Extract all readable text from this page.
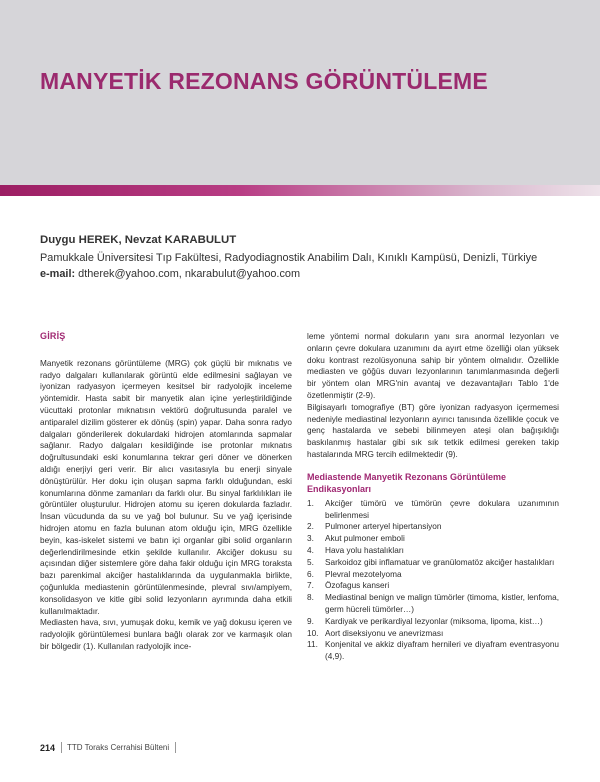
MANYETİK REZONANS GÖRÜNTÜLEME
Duygu HEREK, Nevzat KARABULUT
Pamukkale Üniversitesi Tıp Fakültesi, Radyodiagnostik Anabilim Dalı, Kınıklı Kampüsü, Denizli, Türkiye
e-mail: dtherek@yahoo.com, nkarabulut@yahoo.com
GİRİŞ

Manyetik rezonans görüntüleme (MRG) çok güçlü bir mıknatıs ve radyo dalgaları kullanılarak görüntü elde edilmesini sağlayan ve iyonizan radyasyon içermeyen kesitsel bir radyolojik inceleme yöntemidir. Hasta sabit bir manyetik alan içine yerleştirildiğinde vücuttaki protonlar mıknatısın vektörü doğrultusunda paralel ve antiparalel dizilim gösterer ek dönüş (spin) yapar. Daha sonra radyo dalgaları gönderilerek dokulardaki hidrojen atomlarında sapmalar sağlanır. Radyo dalgaları kesildiğinde ise protonlar mıknatıs doğrultusundaki eski konumlarına tekrar geri döner ve dönerken aldığı enerjiyi geri verir. Bir alıcı vasıtasıyla bu enerji sinyale dönüştürülür. Her doku için oluşan sapma farklı olduğundan, eski konumlarına dönme zamanları da farklı olur. Bu sinyal farklılıkları ile görüntüler oluşturulur. Hidrojen atomu su içeren dokularda fazladır. İnsan vücudunda da su ve yağ bol bulunur. Su ve yağ içerisinde hidrojen atomu en fazla bulunan atom olduğu için, MRG özellikle beyin, kas-iskelet sistemi ve batın içi organlar gibi solid organların değerlendirilmesinde etkin şekilde kullanılır. Akciğer dokusu su açısından diğer sistemlere göre daha fakir olduğu için MRG toraksta bazı parenkimal akciğer hastalıklarında da uygulanmakla birlikte, çoğunlukla mediastenin görüntülenmesinde, plevral sıvı/ampiyem, konsolidasyon ve kitle gibi solid lezyonların ayrımında daha etkili kullanılmaktadır.

Mediasten hava, sıvı, yumuşak doku, kemik ve yağ dokusu içeren ve radyolojik görüntülemesi bunlara bağlı olarak zor ve karmaşık olan bir bölgedir (1). Kullanılan radyolojik ince-

leme yöntemi normal dokuların yanı sıra anormal lezyonları ve onların çevre dokulara uzanımını da ayırt etme özelliği olan yüksek doku kontrast rezolüsyonuna sahip bir yöntem olmalıdır. Özellikle mediasten ve göğüs duvarı lezyonlarının tanımlanmasında değerli bir yöntem olan MRG'nin avantaj ve dezavantajları Tablo 1'de özetlenmiştir (2-9).

Bilgisayarlı tomografiye (BT) göre iyonizan radyasyon içermemesi nedeniyle mediastinal lezyonların ayırıcı tanısında özellikle çocuk ve genç hastalarda ve sebebi bilinmeyen ateşi olan bağışıklığı baskılanmış hastalar gibi sık sık tetkik edilmesi gereken takip hastalarında MRG tercih edilmektedir (9).

Mediastende Manyetik Rezonans Görüntüleme Endikasyonları
1.	Akciğer tümörü ve tümörün çevre dokulara uzanımının belirlenmesi
2.	Pulmoner arteryel hipertansiyon
3.	Akut pulmoner emboli
4.	Hava yolu hastalıkları
5.	Sarkoidoz gibi inflamatuar ve granülomatöz akciğer hastalıkları
6.	Plevral mezotelyoma
7.	Özofagus kanseri
8.	Mediastinal benign ve malign tümörler (timoma, kistler, lenfoma, germ hücreli tümörler…)
9.	Kardiyak ve perikardiyal lezyonlar (miksoma, lipoma, kist…)
10. Aort diseksiyonu ve anevrizması
11. Konjenital ve akkiz diyafram hernileri ve diyafram eventrasyonu (4,9).
214 TTD Toraks Cerrahisi Bülteni
